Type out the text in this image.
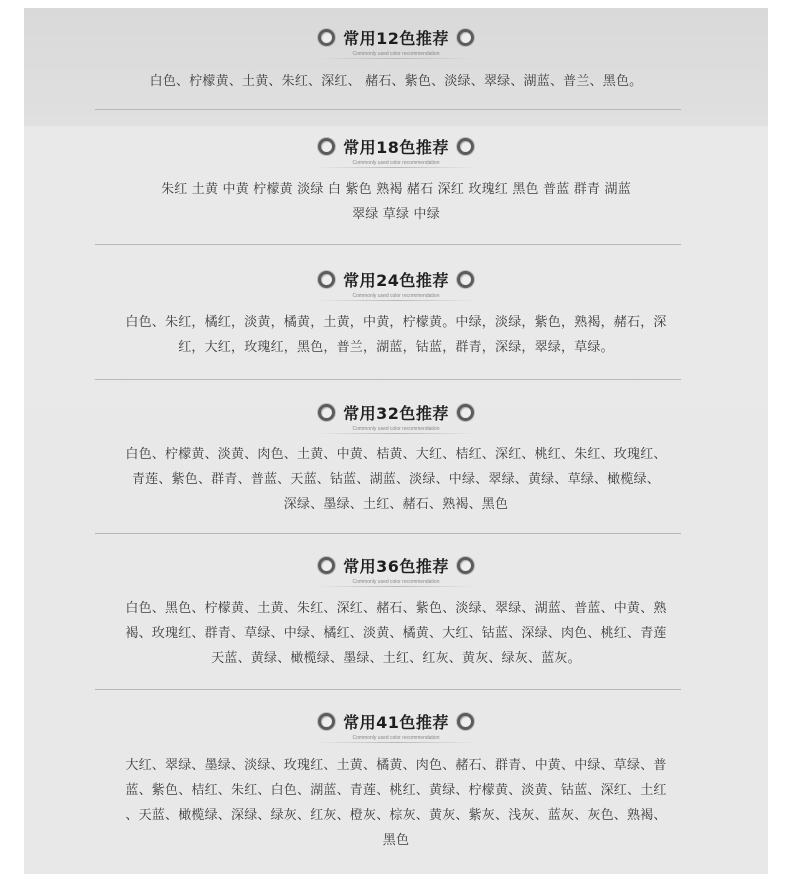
常用12色推荐
Commonly used color recommendation
白色、柠檬黄、土黄、朱红、深红、 赭石、紫色、淡绿、翠绿、湖蓝、普兰、黑色。
常用18色推荐
Commonly used color recommendation
朱红 土黄 中黄 柠檬黄 淡绿 白 紫色 熟褐 赭石 深红 玫瑰红 黑色 普蓝 群青 湖蓝
翠绿 草绿 中绿
常用24色推荐
Commonly used color recommendation
白色、朱红，橘红，淡黄，橘黄，土黄，中黄，柠檬黄。中绿，淡绿，紫色，熟褐，赭石，深
红，大红，玫瑰红，黑色，普兰，湖蓝，钴蓝，群青，深绿，翠绿，草绿。
常用32色推荐
Commonly used color recommendation
白色、柠檬黄、淡黄、肉色、土黄、中黄、桔黄、大红、桔红、深红、桃红、朱红、玫瑰红、
青莲、紫色、群青、普蓝、天蓝、钴蓝、湖蓝、淡绿、中绿、翠绿、黄绿、草绿、橄榄绿、
深绿、墨绿、土红、赭石、熟褐、黑色
常用36色推荐
Commonly used color recommendation
白色、黑色、柠檬黄、土黄、朱红、深红、赭石、紫色、淡绿、翠绿、湖蓝、普蓝、中黄、熟
褐、玫瑰红、群青、草绿、中绿、橘红、淡黄、橘黄、大红、钴蓝、深绿、肉色、桃红、青莲
天蓝、黄绿、橄榄绿、墨绿、土红、红灰、黄灰、绿灰、蓝灰。
常用41色推荐
Commonly used color recommendation
大红、翠绿、墨绿、淡绿、玫瑰红、土黄、橘黄、肉色、赭石、群青、中黄、中绿、草绿、普
蓝、紫色、桔红、朱红、白色、湖蓝、青莲、桃红、黄绿、柠檬黄、淡黄、钴蓝、深红、土红
、天蓝、橄榄绿、深绿、绿灰、红灰、橙灰、棕灰、黄灰、紫灰、浅灰、蓝灰、灰色、熟褐、
黑色
